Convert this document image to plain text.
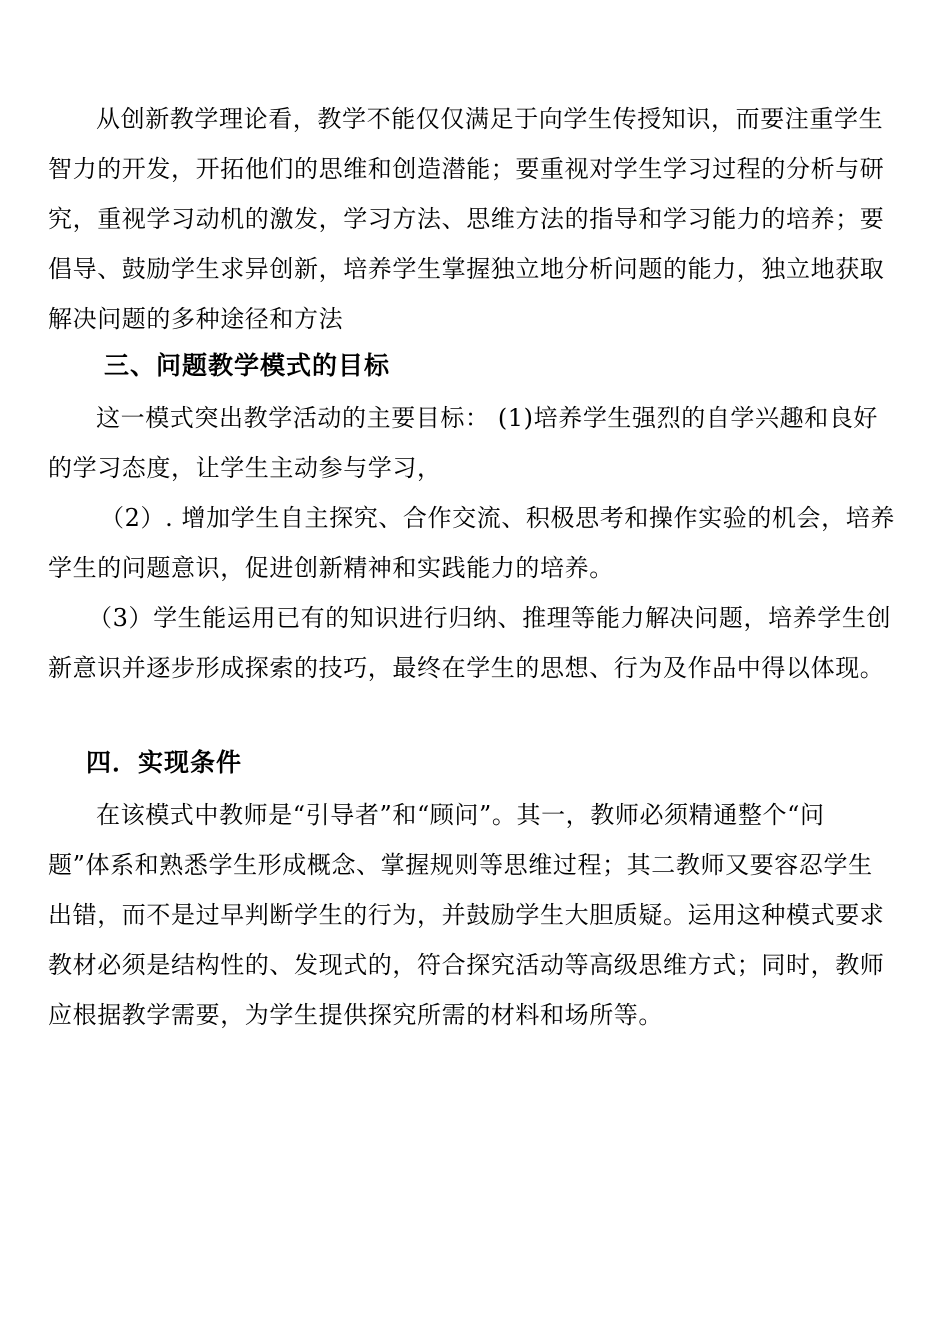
从创新教学理论看，教学不能仅仅满足于向学生传授知识，而要注重学生
智力的开发，开拓他们的思维和创造潜能；要重视对学生学习过程的分析与研
究，重视学习动机的激发，学习方法、思维方法的指导和学习能力的培养；要
倡导、鼓励学生求异创新，培养学生掌握独立地分析问题的能力，独立地获取
解决问题的多种途径和方法
三、问题教学模式的目标
这一模式突出教学活动的主要目标： (1)培养学生强烈的自学兴趣和良好
的学习态度，让学生主动参与学习，
（2）. 增加学生自主探究、合作交流、积极思考和操作实验的机会，培养
学生的问题意识，促进创新精神和实践能力的培养。
（3）学生能运用已有的知识进行归纳、推理等能力解决问题，培养学生创
新意识并逐步形成探索的技巧，最终在学生的思想、行为及作品中得以体现。
四．实现条件
在该模式中教师是“引导者”和“顾问”。其一，教师必须精通整个“问
题”体系和熟悉学生形成概念、掌握规则等思维过程；其二教师又要容忍学生
出错，而不是过早判断学生的行为，并鼓励学生大胆质疑。运用这种模式要求
教材必须是结构性的、发现式的，符合探究活动等高级思维方式；同时，教师
应根据教学需要，为学生提供探究所需的材料和场所等。
